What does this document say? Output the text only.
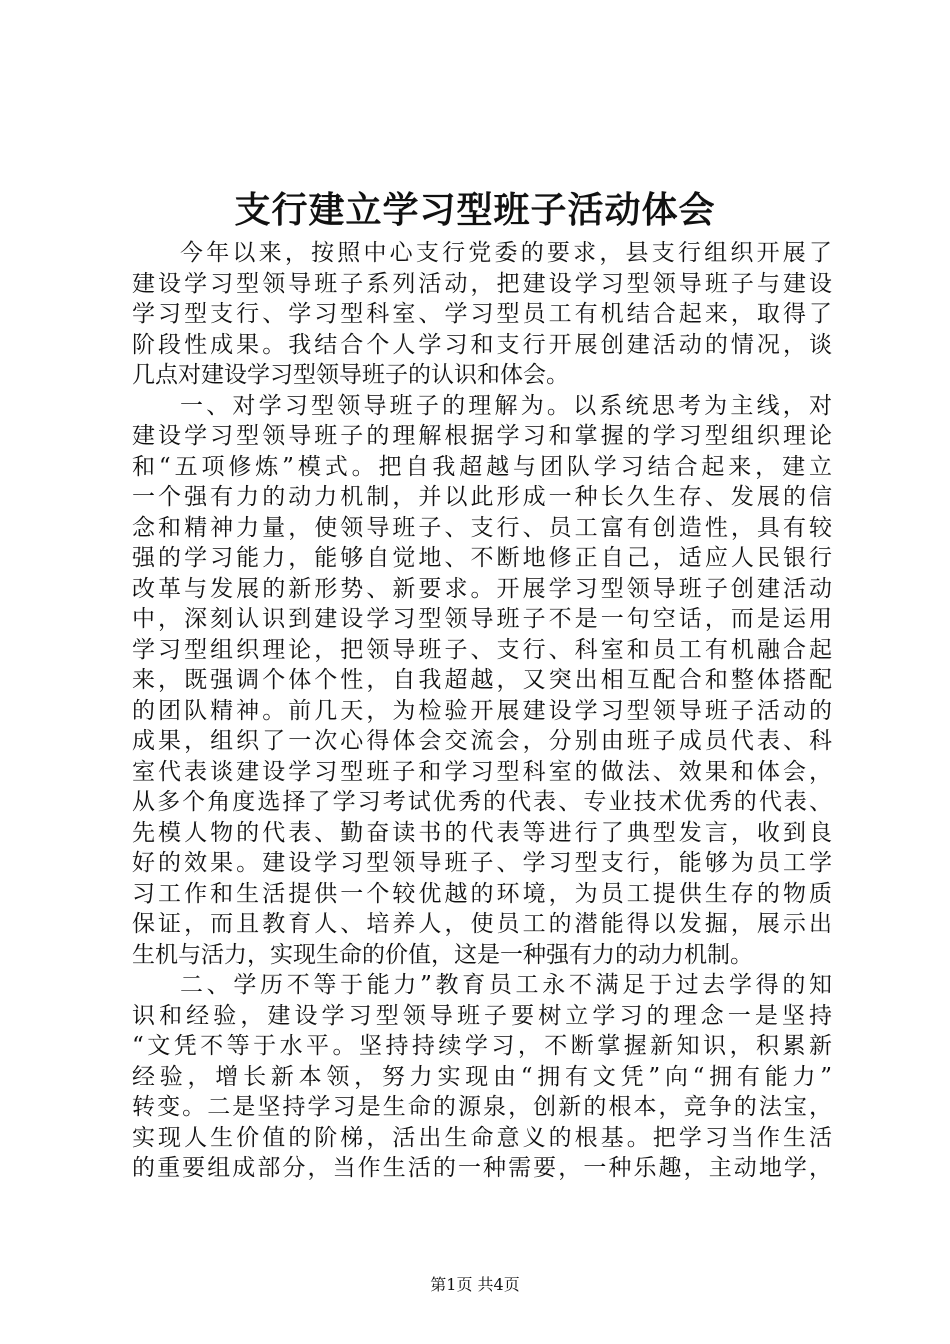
支行建立学习型班子活动体会
今年以来，按照中心支行党委的要求，县支行组织开展了
建设学习型领导班子系列活动，把建设学习型领导班子与建设
学习型支行、学习型科室、学习型员工有机结合起来，取得了
阶段性成果。我结合个人学习和支行开展创建活动的情况，谈
几点对建设学习型领导班子的认识和体会。
一、对学习型领导班子的理解为。以系统思考为主线，对
建设学习型领导班子的理解根据学习和掌握的学习型组织理论
和“五项修炼”模式。把自我超越与团队学习结合起来，建立
一个强有力的动力机制，并以此形成一种长久生存、发展的信
念和精神力量，使领导班子、支行、员工富有创造性，具有较
强的学习能力，能够自觉地、不断地修正自己，适应人民银行
改革与发展的新形势、新要求。开展学习型领导班子创建活动
中，深刻认识到建设学习型领导班子不是一句空话，而是运用
学习型组织理论，把领导班子、支行、科室和员工有机融合起
来，既强调个体个性，自我超越，又突出相互配合和整体搭配
的团队精神。前几天，为检验开展建设学习型领导班子活动的
成果，组织了一次心得体会交流会，分别由班子成员代表、科
室代表谈建设学习型班子和学习型科室的做法、效果和体会，
从多个角度选择了学习考试优秀的代表、专业技术优秀的代表、
先模人物的代表、勤奋读书的代表等进行了典型发言，收到良
好的效果。建设学习型领导班子、学习型支行，能够为员工学
习工作和生活提供一个较优越的环境，为员工提供生存的物质
保证，而且教育人、培养人，使员工的潜能得以发掘，展示出
生机与活力，实现生命的价值，这是一种强有力的动力机制。
二、学历不等于能力”教育员工永不满足于过去学得的知
识和经验，建设学习型领导班子要树立学习的理念一是坚持
“文凭不等于水平。坚持持续学习，不断掌握新知识，积累新
经验，增长新本领，努力实现由“拥有文凭”向“拥有能力”
转变。二是坚持学习是生命的源泉，创新的根本，竞争的法宝，
实现人生价值的阶梯，活出生命意义的根基。把学习当作生活
的重要组成部分，当作生活的一种需要，一种乐趣，主动地学，
第1页 共4页
